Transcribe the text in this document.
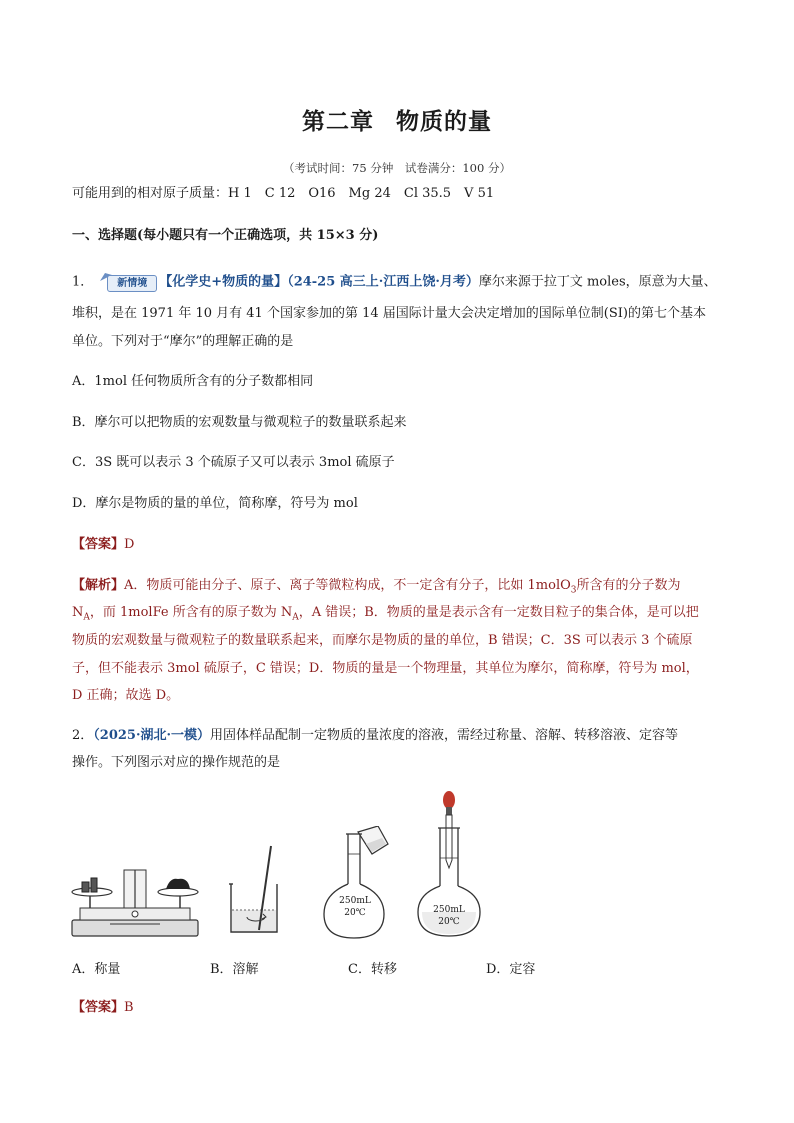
第二章 物质的量
（考试时间：75 分钟　试卷满分：100 分）
可能用到的相对原子质量：H 1　C 12　O16　Mg 24　Cl 35.5　V 51
一、选择题(每小题只有一个正确选项，共 15×3 分)
1．	新情境 【化学史+物质的量】（24-25 高三上·江西上饶·月考）摩尔来源于拉丁文 moles，原意为大量、
堆积，是在 1971 年 10 月有 41 个国家参加的第 14 届国际计量大会决定增加的国际单位制(SI)的第七个基本
单位。下列对于“摩尔”的理解正确的是
A．1mol 任何物质所含有的分子数都相同
B．摩尔可以把物质的宏观数量与微观粒子的数量联系起来
C．3S 既可以表示 3 个硫原子又可以表示 3mol 硫原子
D．摩尔是物质的量的单位，简称摩，符号为 mol
【答案】D
【解析】A．物质可能由分子、原子、离子等微粒构成，不一定含有分子，比如 1molO$_3$所含有的分子数为
$N_A$，而 1molFe 所含有的原子数为 $N_A$，A 错误；B．物质的量是表示含有一定数目粒子的集合体，是可以把
物质的宏观数量与微观粒子的数量联系起来，而摩尔是物质的量的单位，B 错误；C．3S 可以表示 3 个硫原
子，但不能表示 3mol 硫原子，C 错误；D．物质的量是一个物理量，其单位为摩尔，简称摩，符号为 mol，
D 正确；故选 D。
2．（2025·湖北·一模）用固体样品配制一定物质的量浓度的溶液，需经过称量、溶解、转移溶液、定容等
操作。下列图示对应的操作规范的是
250mL
20℃	250mL
20℃
A．称量	B．溶解	C．转移	D．定容
【答案】B
